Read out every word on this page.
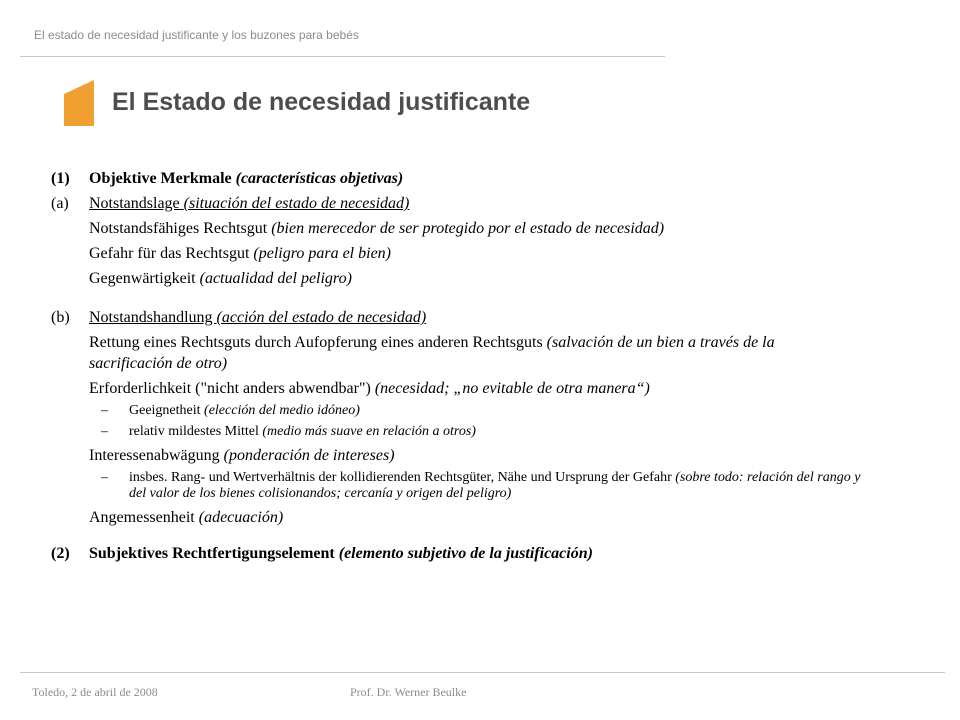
El estado de necesidad justificante y los buzones para bebés
El Estado de necesidad justificante
(1) Objektive Merkmale (características objetivas)
(a) Notstandslage (situación del estado de necesidad)
Notstandsfähiges Rechtsgut (bien merecedor de ser protegido por el estado de necesidad)
Gefahr für das Rechtsgut (peligro para el bien)
Gegenwärtigkeit (actualidad del peligro)
(b) Notstandshandlung (acción del estado de necesidad)
Rettung eines Rechtsguts durch Aufopferung eines anderen Rechtsguts (salvación de un bien a través de la sacrificación de otro)
Erforderlichkeit ("nicht anders abwendbar") (necesidad; „no evitable de otra manera“)
– Geeignetheit (elección del medio idóneo)
– relativ mildestes Mittel (medio más suave en relación a otros)
Interessenabwägung (ponderación de intereses)
– insbes. Rang- und Wertverhältnis der kollidierenden Rechtsgüter, Nähe und Ursprung der Gefahr (sobre todo: relación del rango y del valor de los bienes colisionandos; cercanía y origen del peligro)
Angemessenheit (adecuación)
(2) Subjektives Rechtfertigungselement (elemento subjetivo de la justificación)
Toledo, 2 de abril de 2008	Prof. Dr. Werner Beulke
